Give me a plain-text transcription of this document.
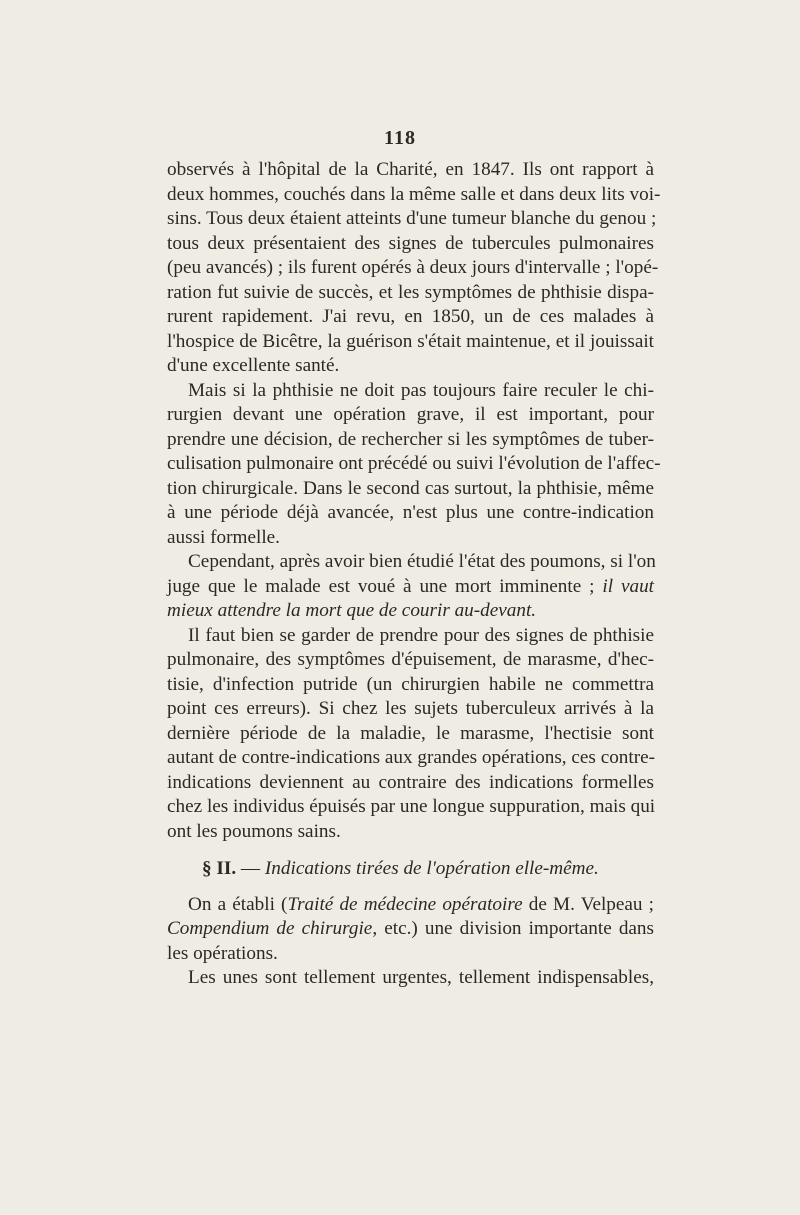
118
observés à l'hôpital de la Charité, en 1847. Ils ont rapport à
deux hommes, couchés dans la même salle et dans deux lits voi-
sins. Tous deux étaient atteints d'une tumeur blanche du genou ;
tous deux présentaient des signes de tubercules pulmonaires
(peu avancés) ; ils furent opérés à deux jours d'intervalle ; l'opé-
ration fut suivie de succès, et les symptômes de phthisie dispa-
rurent rapidement. J'ai revu, en 1850, un de ces malades à
l'hospice de Bicêtre, la guérison s'était maintenue, et il jouissait
d'une excellente santé.
Mais si la phthisie ne doit pas toujours faire reculer le chi-
rurgien devant une opération grave, il est important, pour
prendre une décision, de rechercher si les symptômes de tuber-
culisation pulmonaire ont précédé ou suivi l'évolution de l'affec-
tion chirurgicale. Dans le second cas surtout, la phthisie, même
à une période déjà avancée, n'est plus une contre-indication
aussi formelle.
Cependant, après avoir bien étudié l'état des poumons, si l'on
juge que le malade est voué à une mort imminente ; il vaut
mieux attendre la mort que de courir au-devant.
Il faut bien se garder de prendre pour des signes de phthisie
pulmonaire, des symptômes d'épuisement, de marasme, d'hec-
tisie, d'infection putride (un chirurgien habile ne commettra
point ces erreurs). Si chez les sujets tuberculeux arrivés à la
dernière période de la maladie, le marasme, l'hectisie sont
autant de contre-indications aux grandes opérations, ces contre-
indications deviennent au contraire des indications formelles
chez les individus épuisés par une longue suppuration, mais qui
ont les poumons sains.
§ II. — Indications tirées de l'opération elle-même.
On a établi (Traité de médecine opératoire de M. Velpeau ;
Compendium de chirurgie, etc.) une division importante dans
les opérations.
Les unes sont tellement urgentes, tellement indispensables,
